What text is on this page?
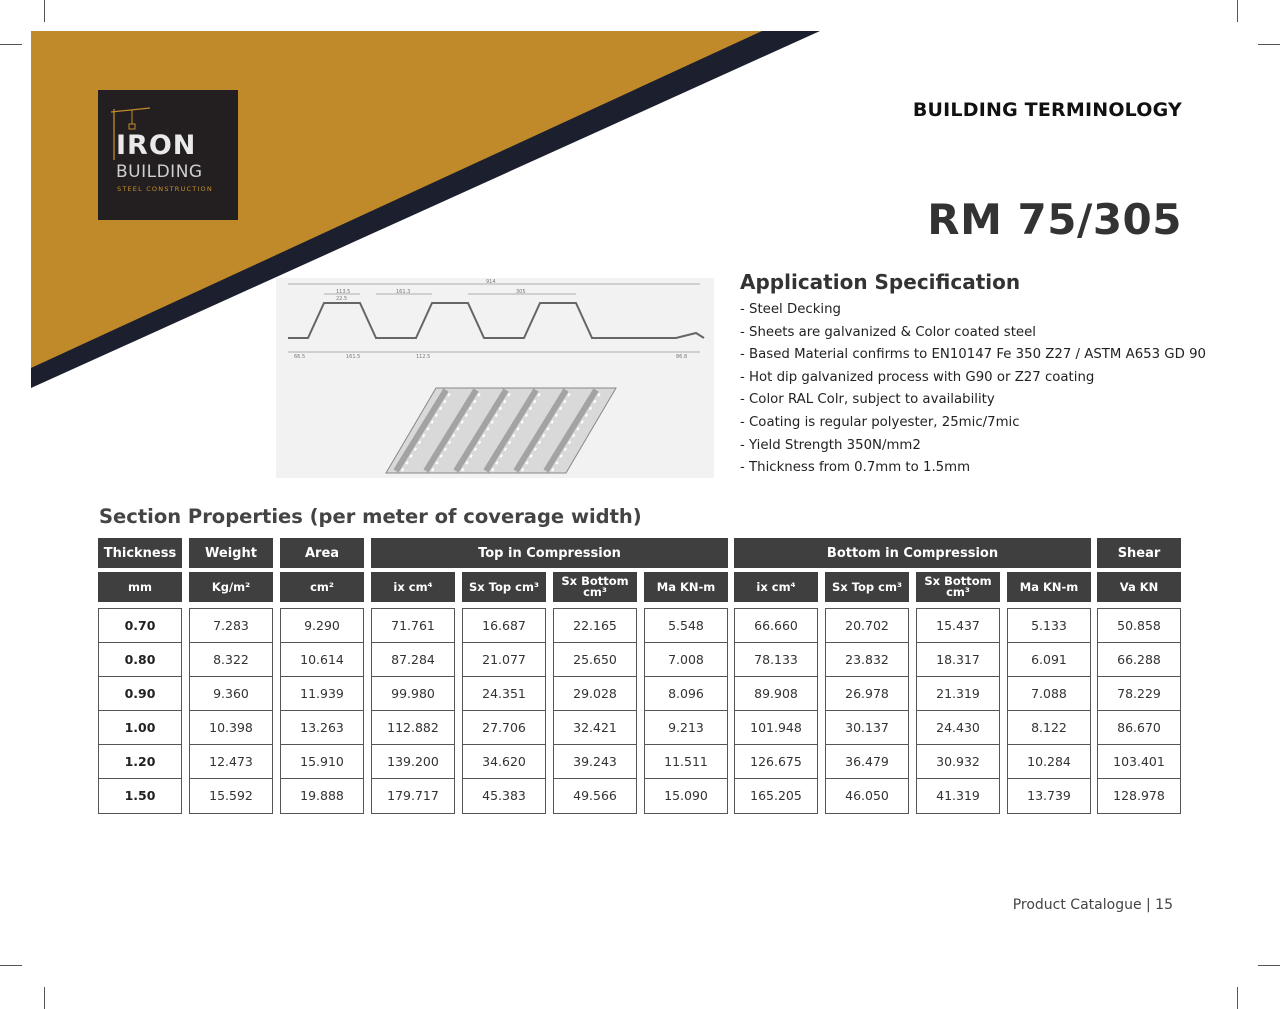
IRON
BUILDING
STEEL CONSTRUCTION
BUILDING TERMINOLOGY
RM 75/305
914
113.5	161.3	305
22.5
66.5	161.5	112.5	86.8
Application Specification
- Steel Decking
- Sheets are galvanized & Color coated steel
- Based Material confirms to EN10147 Fe 350 Z27 / ASTM A653 GD 90
- Hot dip galvanized process with G90 or Z27 coating
- Color RAL Colr, subject to availability
- Coating is regular polyester, 25mic/7mic
- Yield Strength 350N/mm2
- Thickness from 0.7mm to 1.5mm
Section Properties (per meter of coverage width)
Thickness	Weight	Area	Top in Compression	Bottom in Compression	Shear
mm	Kg/m²	cm²	ix cm⁴	Sx Top cm³	Sx Bottom cm³	Ma KN-m	ix cm⁴	Sx Top cm³	Sx Bottom cm³	Ma KN-m	Va KN
0.70	7.283	9.290	71.761	16.687	22.165	5.548	66.660	20.702	15.437	5.133	50.858
0.80	8.322	10.614	87.284	21.077	25.650	7.008	78.133	23.832	18.317	6.091	66.288
0.90	9.360	11.939	99.980	24.351	29.028	8.096	89.908	26.978	21.319	7.088	78.229
1.00	10.398	13.263	112.882	27.706	32.421	9.213	101.948	30.137	24.430	8.122	86.670
1.20	12.473	15.910	139.200	34.620	39.243	11.511	126.675	36.479	30.932	10.284	103.401
1.50	15.592	19.888	179.717	45.383	49.566	15.090	165.205	46.050	41.319	13.739	128.978
Product Catalogue | 15
